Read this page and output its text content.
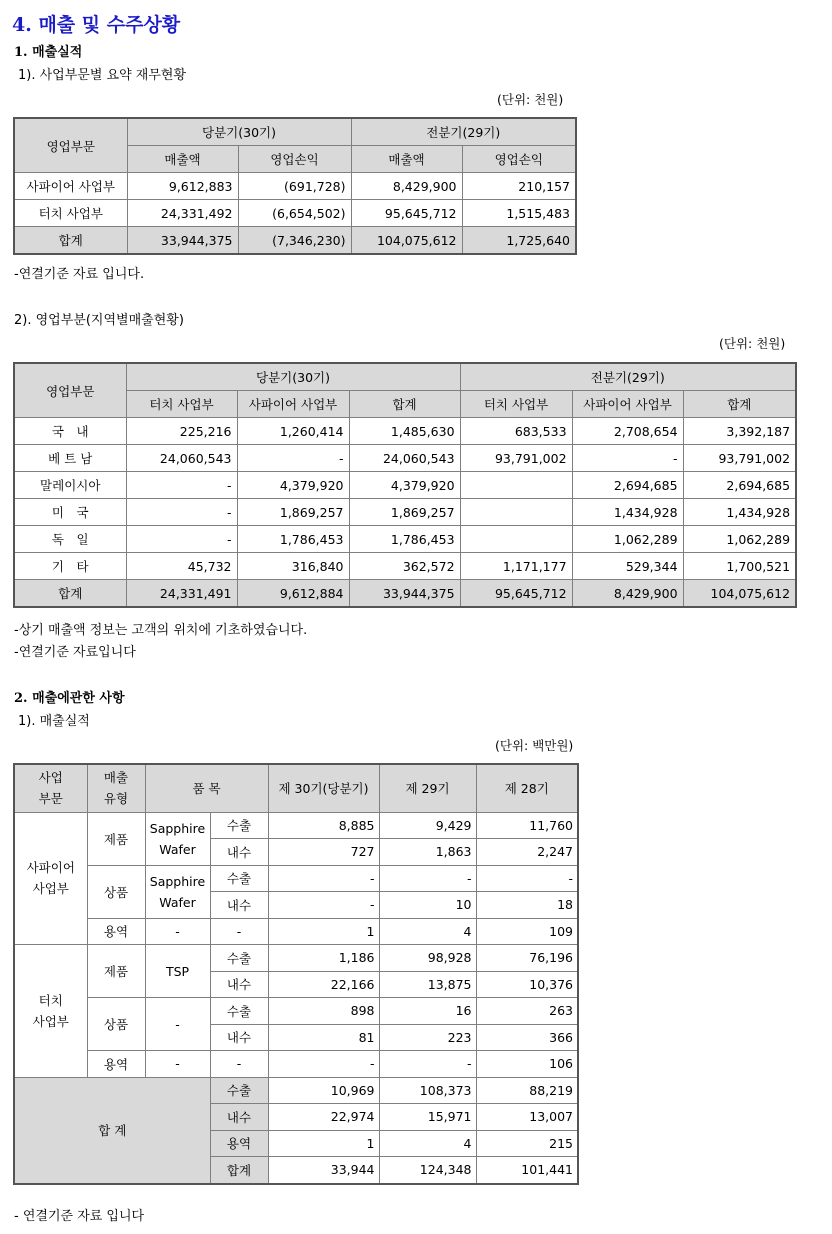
4. 매출 및 수주상황
1. 매출실적
1). 사업부문별 요약 재무현황
(단위: 천원)
영업부문	당분기(30기)		전분기(29기)	
	매출액	영업손익	매출액	영업손익
사파이어 사업부	9,612,883	(691,728)	8,429,900	210,157
터치 사업부	24,331,492	(6,654,502)	95,645,712	1,515,483
합계	33,944,375	(7,346,230)	104,075,612	1,725,640
-연결기준 자료 입니다.
2). 영업부분(지역별매출현황)
(단위: 천원)
영업부문	당분기(30기)			전분기(29기)		
	터치 사업부	사파이어 사업부	합계	터치 사업부	사파이어 사업부	합계
국　내	225,216	1,260,414	1,485,630	683,533	2,708,654	3,392,187
베 트 남	24,060,543	-	24,060,543	93,791,002	-	93,791,002
말레이시아	-	4,379,920	4,379,920		2,694,685	2,694,685
미　국	-	1,869,257	1,869,257		1,434,928	1,434,928
독　일	-	1,786,453	1,786,453		1,062,289	1,062,289
기　타	45,732	316,840	362,572	1,171,177	529,344	1,700,521
합계	24,331,491	9,612,884	33,944,375	95,645,712	8,429,900	104,075,612
-상기 매출액 정보는 고객의 위치에 기초하였습니다.
-연결기준 자료입니다
2. 매출에관한 사항
1). 매출실적
(단위: 백만원)
사업
부문	매출
유형	품 목		제 30기(당분기)	제 29기	제 28기
사파이어
사업부	제품	Sapphire
Wafer	수출	8,885	9,429	11,760
			내수	727	1,863	2,247
	상품	Sapphire
Wafer	수출	-	-	-
			내수	-	10	18
	용역	-	-	1	4	109
터치
사업부	제품	TSP	수출	1,186	98,928	76,196
			내수	22,166	13,875	10,376
	상품	-	수출	898	16	263
			내수	81	223	366
	용역	-	-	-	-	106
합 계			수출	10,969	108,373	88,219
			내수	22,974	15,971	13,007
			용역	1	4	215
			합계	33,944	124,348	101,441
- 연결기준 자료 입니다
